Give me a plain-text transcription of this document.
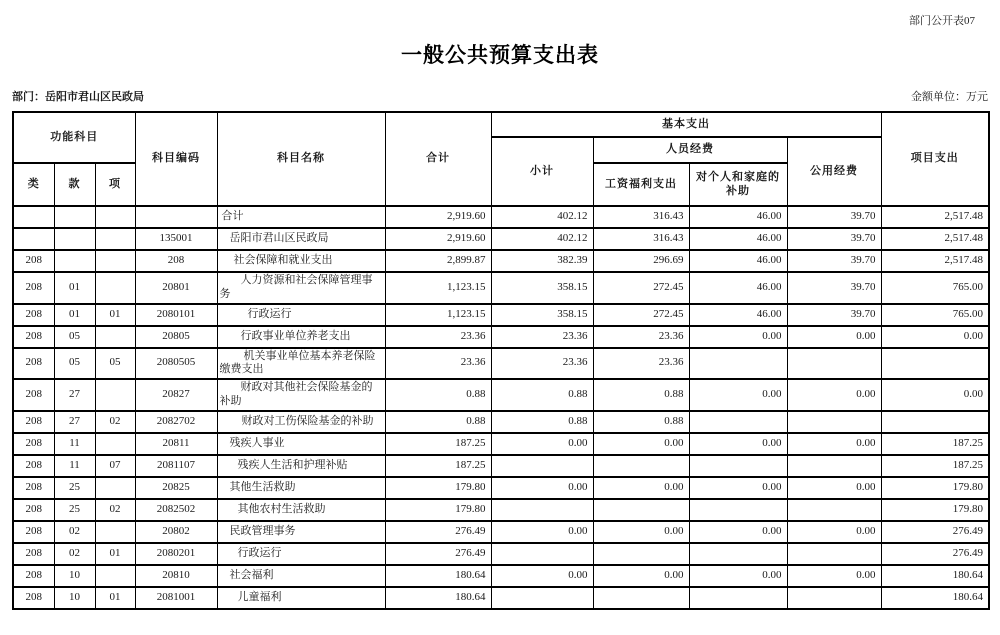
部门公开表07
一般公共预算支出表
部门：岳阳市君山区民政局	金额单位：万元
功能科目			科目编码	科目名称	合计	基本支出				项目支出
						小计	人员经费		公用经费	
类	款	项					工资福利支出	对个人和家庭的补助		
				合计	2,919.60	402.12	316.43	46.00	39.70	2,517.48
			135001	岳阳市君山区民政局	2,919.60	402.12	316.43	46.00	39.70	2,517.48
208			208	社会保障和就业支出	2,899.87	382.39	296.69	46.00	39.70	2,517.48
208	01		20801	人力资源和社会保障管理事务	1,123.15	358.15	272.45	46.00	39.70	765.00
208	01	01	2080101	行政运行	1,123.15	358.15	272.45	46.00	39.70	765.00
208	05		20805	行政事业单位养老支出	23.36	23.36	23.36	0.00	0.00	0.00
208	05	05	2080505	机关事业单位基本养老保险缴费支出	23.36	23.36	23.36			
208	27		20827	财政对其他社会保险基金的补助	0.88	0.88	0.88	0.00	0.00	0.00
208	27	02	2082702	财政对工伤保险基金的补助	0.88	0.88	0.88			
208	11		20811	残疾人事业	187.25	0.00	0.00	0.00	0.00	187.25
208	11	07	2081107	残疾人生活和护理补贴	187.25					187.25
208	25		20825	其他生活救助	179.80	0.00	0.00	0.00	0.00	179.80
208	25	02	2082502	其他农村生活救助	179.80					179.80
208	02		20802	民政管理事务	276.49	0.00	0.00	0.00	0.00	276.49
208	02	01	2080201	行政运行	276.49					276.49
208	10		20810	社会福利	180.64	0.00	0.00	0.00	0.00	180.64
208	10	01	2081001	儿童福利	180.64					180.64
